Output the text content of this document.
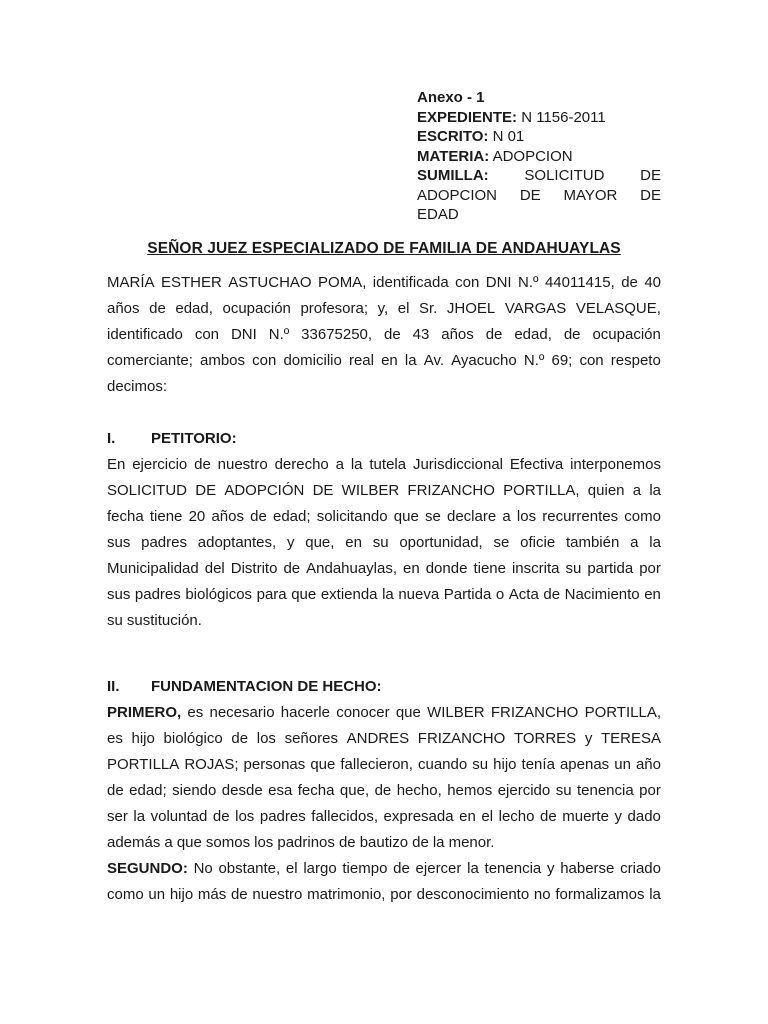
Anexo - 1
EXPEDIENTE: N 1156-2011
ESCRITO: N 01
MATERIA: ADOPCION
SUMILLA: SOLICITUD DE
ADOPCION DE MAYOR DE
EDAD
SEÑOR JUEZ ESPECIALIZADO DE FAMILIA DE ANDAHUAYLAS
MARÍA ESTHER ASTUCHAO POMA, identificada con DNI N.º 44011415, de 40
años de edad, ocupación profesora; y, el Sr. JHOEL VARGAS VELASQUE,
identificado con DNI N.º 33675250, de 43 años de edad, de ocupación
comerciante; ambos con domicilio real en la Av. Ayacucho N.º 69; con respeto
decimos:
I. PETITORIO:
En ejercicio de nuestro derecho a la tutela Jurisdiccional Efectiva interponemos
SOLICITUD DE ADOPCIÓN DE WILBER FRIZANCHO PORTILLA, quien a la
fecha tiene 20 años de edad; solicitando que se declare a los recurrentes como
sus padres adoptantes, y que, en su oportunidad, se oficie también a la
Municipalidad del Distrito de Andahuaylas, en donde tiene inscrita su partida por
sus padres biológicos para que extienda la nueva Partida o Acta de Nacimiento en
su sustitución.
II. FUNDAMENTACION DE HECHO:
PRIMERO, es necesario hacerle conocer que WILBER FRIZANCHO PORTILLA,
es hijo biológico de los señores ANDRES FRIZANCHO TORRES y TERESA
PORTILLA ROJAS; personas que fallecieron, cuando su hijo tenía apenas un año
de edad; siendo desde esa fecha que, de hecho, hemos ejercido su tenencia por
ser la voluntad de los padres fallecidos, expresada en el lecho de muerte y dado
además a que somos los padrinos de bautizo de la menor.
SEGUNDO: No obstante, el largo tiempo de ejercer la tenencia y haberse criado
como un hijo más de nuestro matrimonio, por desconocimiento no formalizamos la
